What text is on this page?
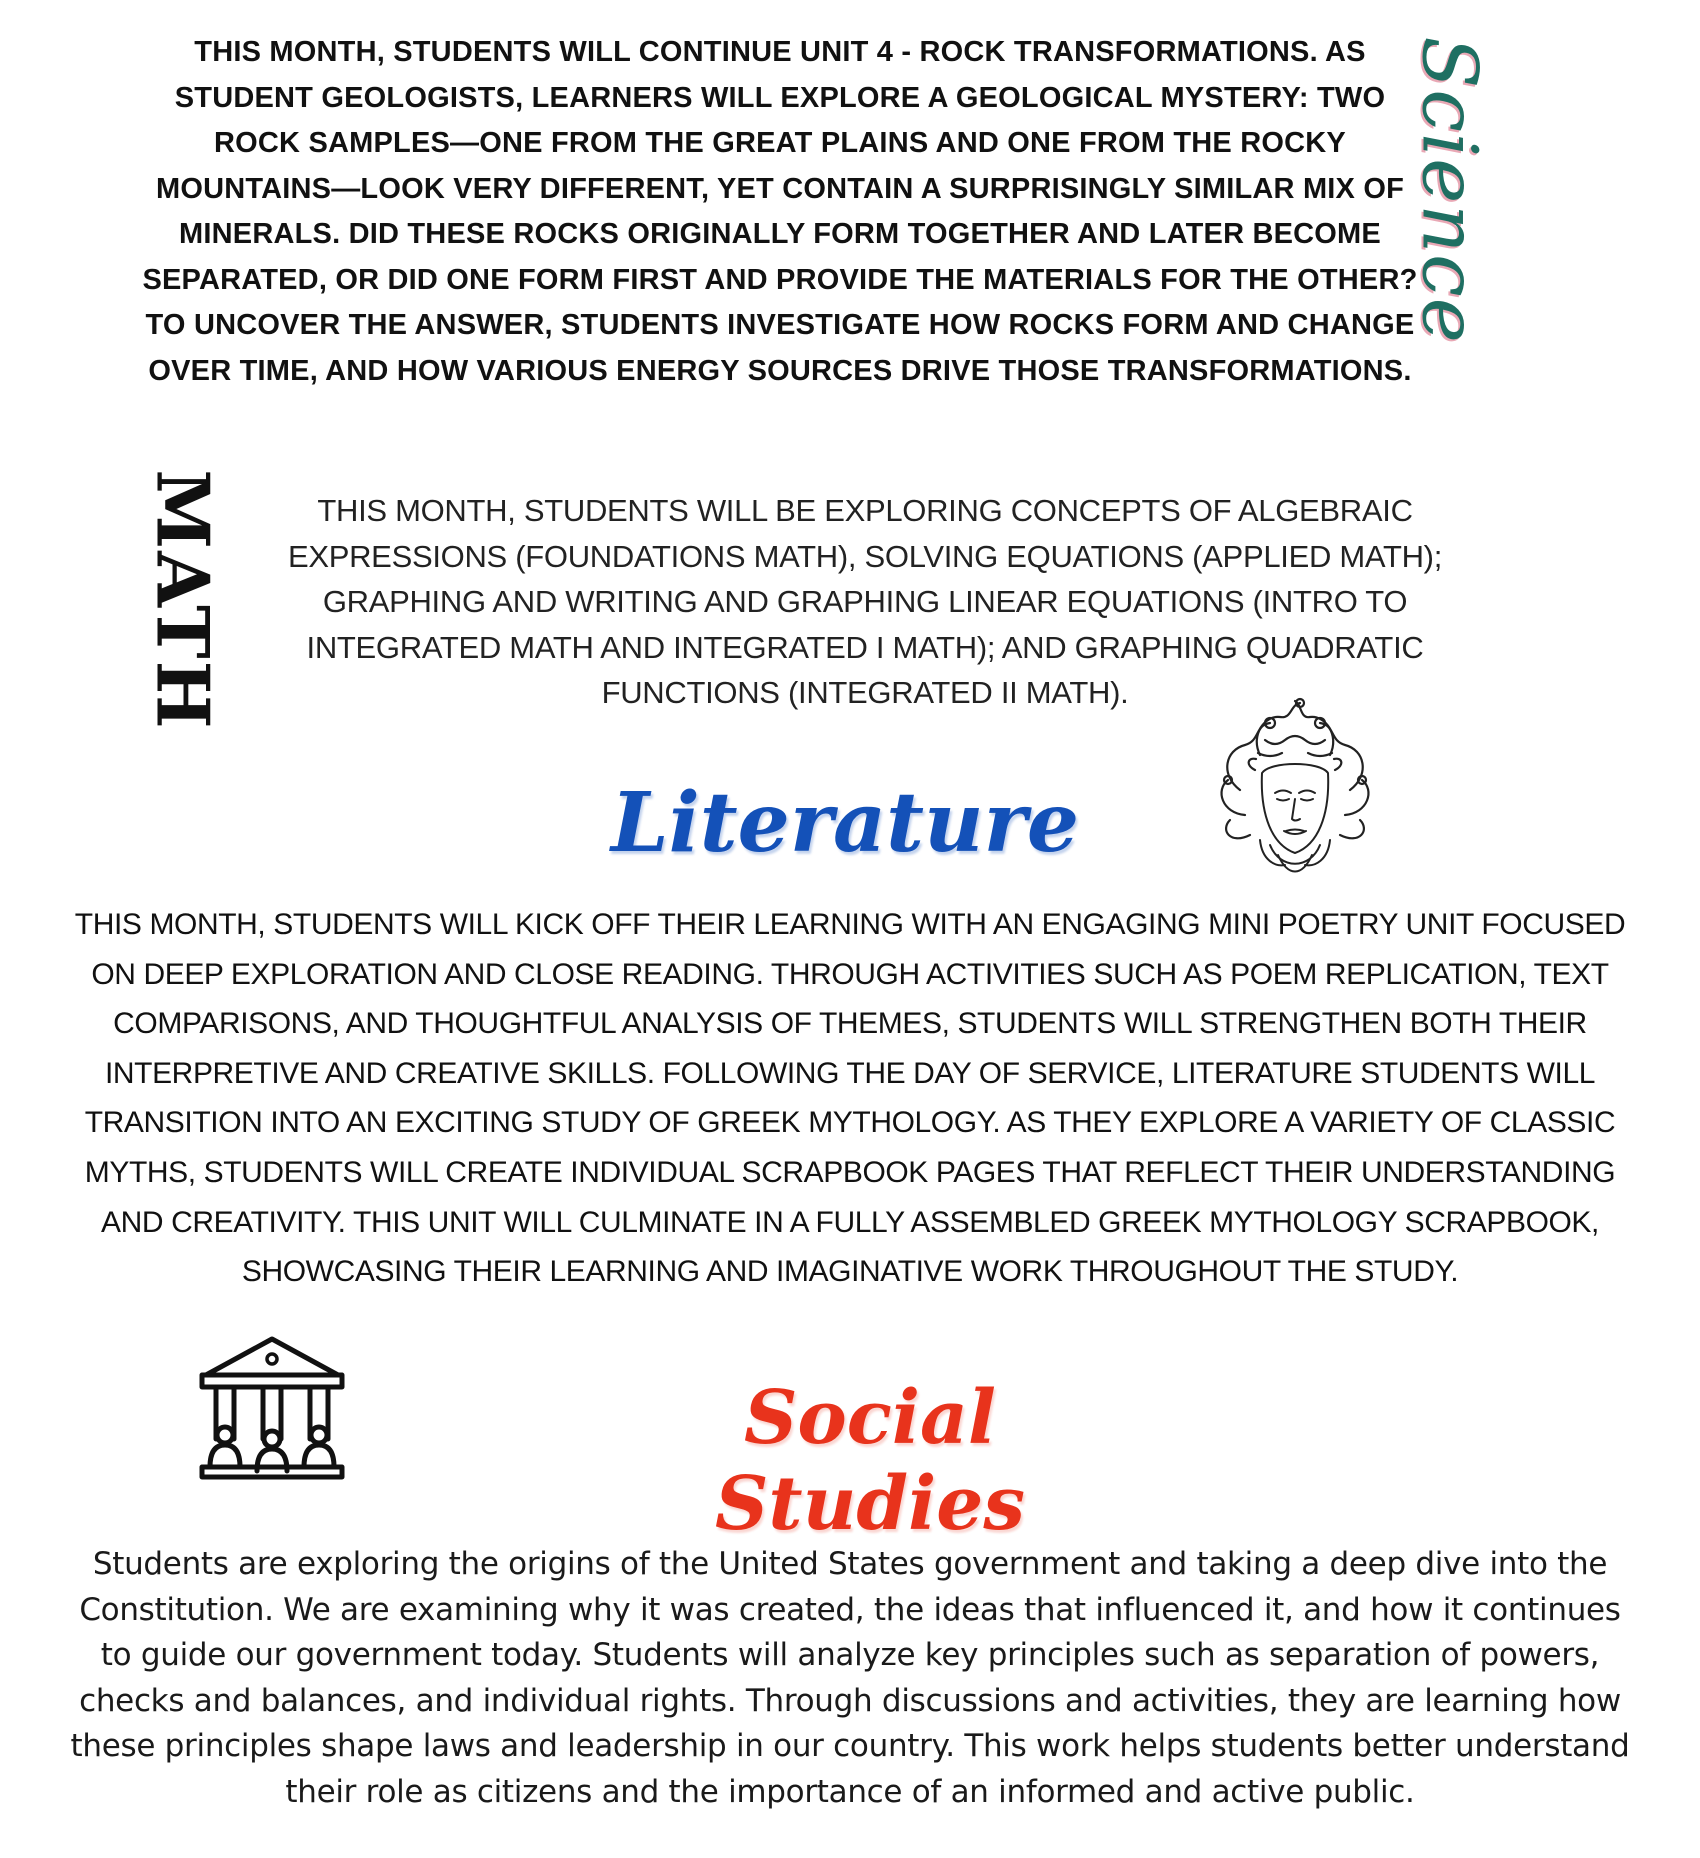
THIS MONTH, STUDENTS WILL CONTINUE UNIT 4 - ROCK TRANSFORMATIONS. AS STUDENT GEOLOGISTS, LEARNERS WILL EXPLORE A GEOLOGICAL MYSTERY: TWO ROCK SAMPLES—ONE FROM THE GREAT PLAINS AND ONE FROM THE ROCKY MOUNTAINS—LOOK VERY DIFFERENT, YET CONTAIN A SURPRISINGLY SIMILAR MIX OF MINERALS. DID THESE ROCKS ORIGINALLY FORM TOGETHER AND LATER BECOME SEPARATED, OR DID ONE FORM FIRST AND PROVIDE THE MATERIALS FOR THE OTHER? TO UNCOVER THE ANSWER, STUDENTS INVESTIGATE HOW ROCKS FORM AND CHANGE OVER TIME, AND HOW VARIOUS ENERGY SOURCES DRIVE THOSE TRANSFORMATIONS.
Science
MATH	THIS MONTH, STUDENTS WILL BE EXPLORING CONCEPTS OF ALGEBRAIC EXPRESSIONS (FOUNDATIONS MATH), SOLVING EQUATIONS (APPLIED MATH); GRAPHING AND WRITING AND GRAPHING LINEAR EQUATIONS (INTRO TO INTEGRATED MATH AND INTEGRATED I MATH); AND GRAPHING QUADRATIC FUNCTIONS (INTEGRATED II MATH).
Literature
THIS MONTH, STUDENTS WILL KICK OFF THEIR LEARNING WITH AN ENGAGING MINI POETRY UNIT FOCUSED ON DEEP EXPLORATION AND CLOSE READING. THROUGH ACTIVITIES SUCH AS POEM REPLICATION, TEXT COMPARISONS, AND THOUGHTFUL ANALYSIS OF THEMES, STUDENTS WILL STRENGTHEN BOTH THEIR INTERPRETIVE AND CREATIVE SKILLS. FOLLOWING THE DAY OF SERVICE, LITERATURE STUDENTS WILL TRANSITION INTO AN EXCITING STUDY OF GREEK MYTHOLOGY. AS THEY EXPLORE A VARIETY OF CLASSIC MYTHS, STUDENTS WILL CREATE INDIVIDUAL SCRAPBOOK PAGES THAT REFLECT THEIR UNDERSTANDING AND CREATIVITY. THIS UNIT WILL CULMINATE IN A FULLY ASSEMBLED GREEK MYTHOLOGY SCRAPBOOK, SHOWCASING THEIR LEARNING AND IMAGINATIVE WORK THROUGHOUT THE STUDY.
Social Studies
Students are exploring the origins of the United States government and taking a deep dive into the Constitution. We are examining why it was created, the ideas that influenced it, and how it continues to guide our government today. Students will analyze key principles such as separation of powers, checks and balances, and individual rights. Through discussions and activities, they are learning how these principles shape laws and leadership in our country. This work helps students better understand their role as citizens and the importance of an informed and active public.
